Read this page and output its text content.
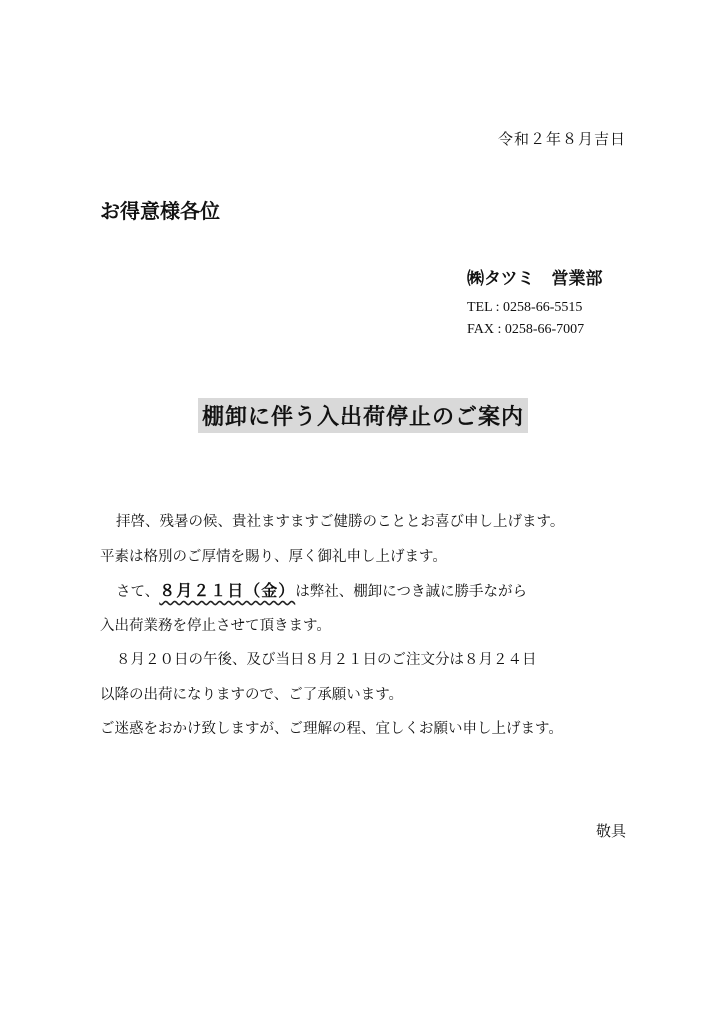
令和２年８月吉日
お得意様各位
㈱タツミ　営業部
TEL : 0258-66-5515
FAX : 0258-66-7007
棚卸に伴う入出荷停止のご案内
拝啓、残暑の候、貴社ますますご健勝のこととお喜び申し上げます。
平素は格別のご厚情を賜り、厚く御礼申し上げます。
さて、８月２１日（金）は弊社、棚卸につき誠に勝手ながら
入出荷業務を停止させて頂きます。
８月２０日の午後、及び当日８月２１日のご注文分は８月２４日
以降の出荷になりますので、ご了承願います。
ご迷惑をおかけ致しますが、ご理解の程、宜しくお願い申し上げます。
敬具
